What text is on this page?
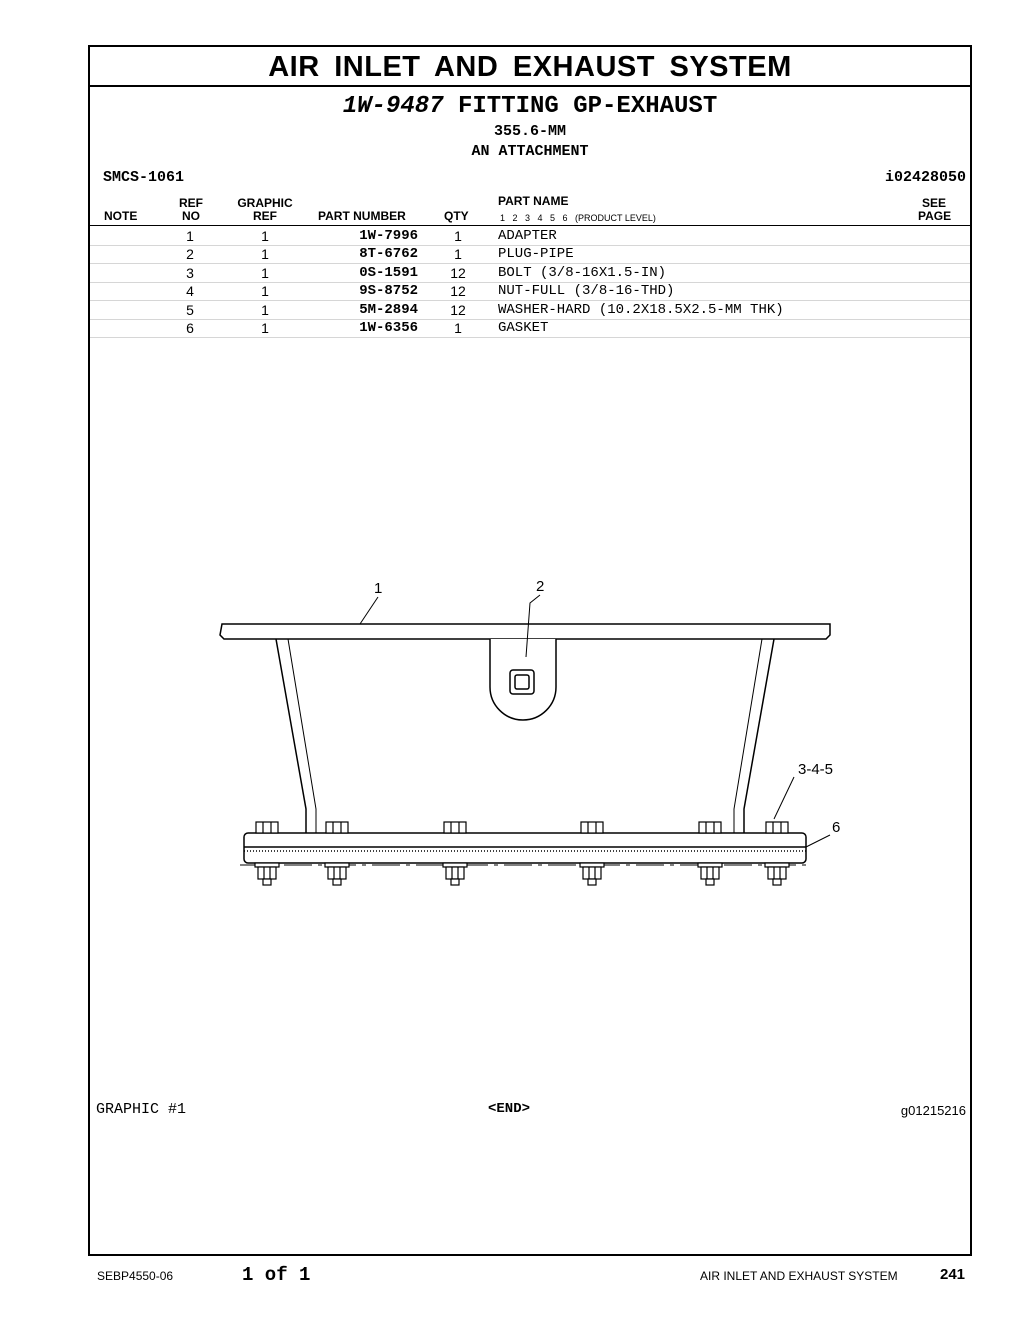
AIR INLET AND EXHAUST SYSTEM
1W-9487 FITTING GP-EXHAUST
355.6-MM
AN ATTACHMENT
SMCS-1061	i02428050
NOTE
REF
NO
GRAPHIC
REF	PART NUMBER	QTY
PART NAME
1   2   3   4   5   6   (PRODUCT LEVEL)
SEE
PAGE
1	1	1W-7996	1	ADAPTER
2	1	8T-6762	1	PLUG-PIPE
3	1	0S-1591	12	BOLT (3/8-16X1.5-IN)
4	1	9S-8752	12	NUT-FULL (3/8-16-THD)
5	1	5M-2894	12	WASHER-HARD (10.2X18.5X2.5-MM THK)
6	1	1W-6356	1	GASKET
1	2
3-4-5
6
GRAPHIC #1	<END>	g01215216
SEBP4550-06	1 of 1	AIR INLET AND EXHAUST SYSTEM	241
